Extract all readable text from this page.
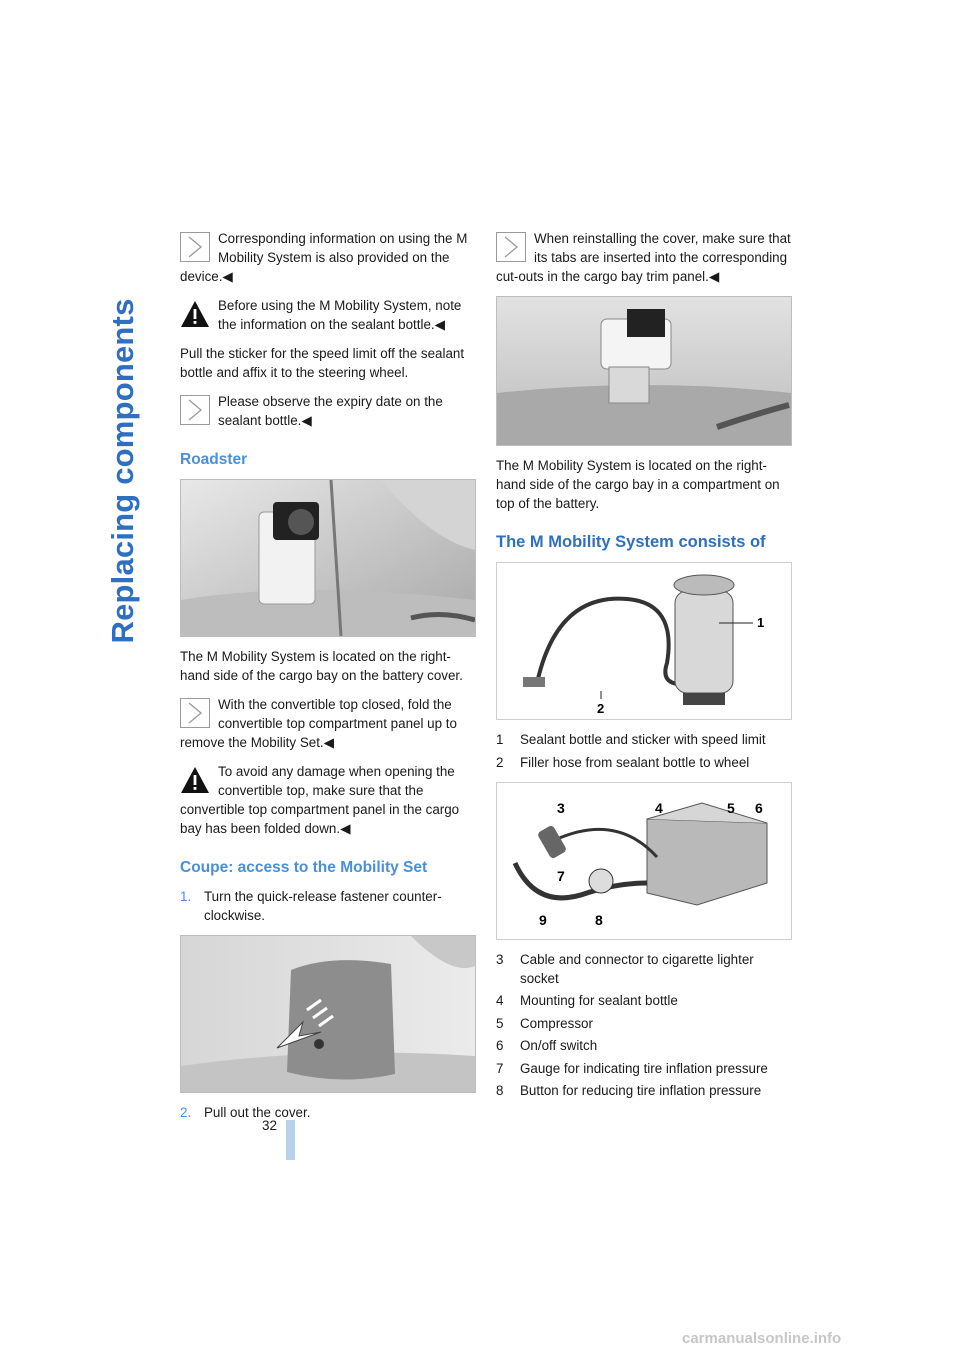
Replacing components
Corresponding information on using the M Mobility System is also provided on the device.◀
Before using the M Mobility System, note the information on the sealant bottle.◀

Pull the sticker for the speed limit off the sealant bottle and affix it to the steering wheel.

Please observe the expiry date on the sealant bottle.◀
Roadster

The M Mobility System is located on the right-hand side of the cargo bay on the battery cover.

With the convertible top closed, fold the convertible top compartment panel up to remove the Mobility Set.◀
To avoid any damage when opening the convertible top, make sure that the convertible top compartment panel in the cargo bay has been folded down.◀
Coupe: access to the Mobility Set
1. Turn the quick-release fastener counter-clockwise.
2. Pull out the cover.
When reinstalling the cover, make sure that its tabs are inserted into the corresponding cut-outs in the cargo bay trim panel.◀

The M Mobility System is located on the right-hand side of the cargo bay in a compartment on top of the battery.

The M Mobility System consists of
1
2
1	Sealant bottle and sticker with speed limit
2	Filler hose from sealant bottle to wheel
3	4	5 6
7
8
9
3	Cable and connector to cigarette lighter socket
4	Mounting for sealant bottle
5	Compressor
6	On/off switch
7	Gauge for indicating tire inflation pressure
8	Button for reducing tire inflation pressure
32
carmanualsonline.info
